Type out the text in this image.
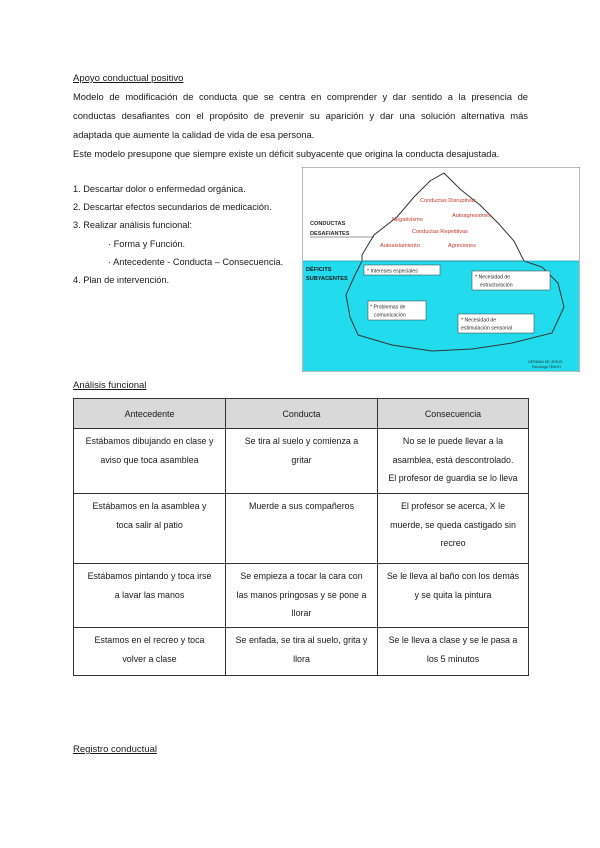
Apoyo conductual positivo
Modelo de modificación de conducta que se centra en comprender y dar sentido a la presencia de
conductas desafiantes con el propósito de prevenir su aparición y dar una solución alternativa más
adaptada que aumente la calidad de vida de esa persona.
Este modelo presupone que siempre existe un déficit subyacente que origina la conducta desajustada.
1. Descartar dolor o enfermedad orgánica.
2. Descartar efectos secundarios de medicación.
3. Realizar análisis funcional:
· Forma y Función.
· Antecedente - Conducta – Consecuencia.
4. Plan de intervención.
CONDUCTAS
DESAFIANTES
DÉFICITS
SUBYACENTES
Conductas Disruptivas
Autoagresiones
Negativismo
Conductas Repetitivas
Autoaislamiento	Agresiones
* Intereses especiales
* Necesidad de
estructuración
* Problemas de
comunicación
* Necesidad de
estimulación sensorial
GERMAN DE JESUS
Psicóloga TEACH
Análisis funcional
Antecedente	Conducta	Consecuencia

Estábamos dibujando en clase y
aviso que toca asamblea	Se tira al suelo y comienza a
gritar	No se le puede llevar a la
asamblea, está descontrolado.
El profesor de guardia se lo lleva

Estábamos en la asamblea y
toca salir al patio	Muerde a sus compañeros	El profesor se acerca, X le
muerde, se queda castigado sin
recreo

Estábamos pintando y toca irse
a lavar las manos	Se empieza a tocar la cara con
las manos pringosas y se pone a
llorar	Se le lleva al baño con los demás
y se quita la pintura

Estamos en el recreo y toca
volver a clase	Se enfada, se tira al suelo, grita y
llora	Se le lleva a clase y se le pasa a
los 5 minutos
Registro conductual
